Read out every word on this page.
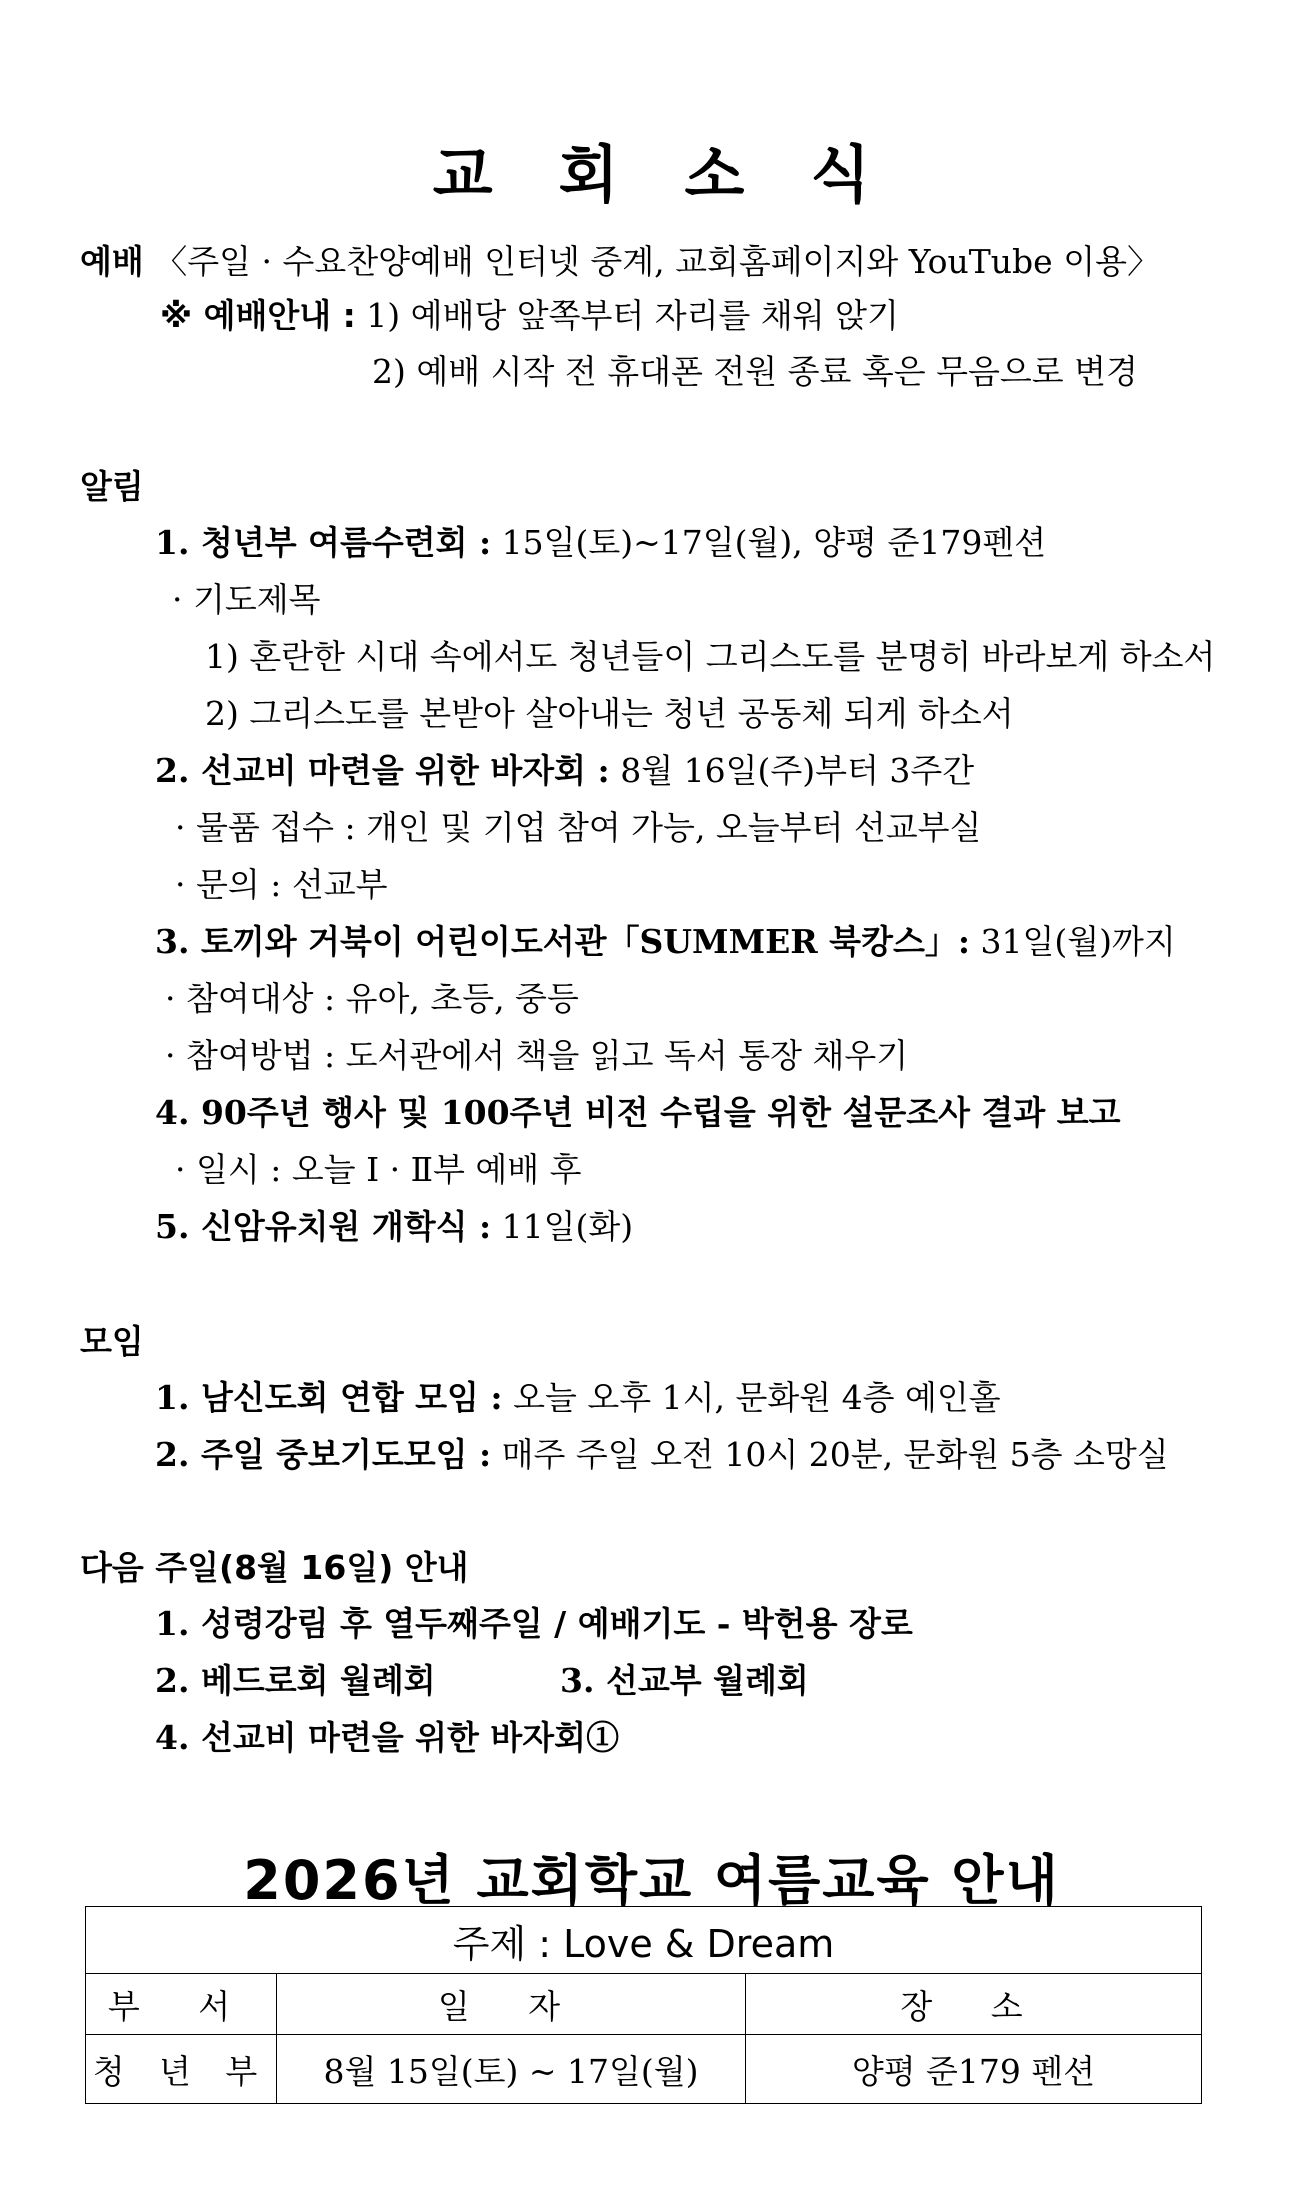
교회소식
예배 〈주일 · 수요찬양예배 인터넷 중계, 교회홈페이지와 YouTube 이용〉
※ 예배안내 : 1) 예배당 앞쪽부터 자리를 채워 앉기
2) 예배 시작 전 휴대폰 전원 종료 혹은 무음으로 변경
알림
1. 청년부 여름수련회 : 15일(토)~17일(월), 양평 준179펜션
· 기도제목
1) 혼란한 시대 속에서도 청년들이 그리스도를 분명히 바라보게 하소서
2) 그리스도를 본받아 살아내는 청년 공동체 되게 하소서
2. 선교비 마련을 위한 바자회 : 8월 16일(주)부터 3주간
· 물품 접수 : 개인 및 기업 참여 가능, 오늘부터 선교부실
· 문의 : 선교부
3. 토끼와 거북이 어린이도서관「SUMMER 북캉스」: 31일(월)까지
· 참여대상 : 유아, 초등, 중등
· 참여방법 : 도서관에서 책을 읽고 독서 통장 채우기
4. 90주년 행사 및 100주년 비전 수립을 위한 설문조사 결과 보고
· 일시 : 오늘 Ⅰ · Ⅱ부 예배 후
5. 신암유치원 개학식 : 11일(화)
모임
1. 남신도회 연합 모임 : 오늘 오후 1시, 문화원 4층 예인홀
2. 주일 중보기도모임 : 매주 주일 오전 10시 20분, 문화원 5층 소망실
다음 주일(8월 16일) 안내
1. 성령강림 후 열두째주일 / 예배기도 - 박헌용 장로
2. 베드로회 월례회	3. 선교부 월례회
4. 선교비 마련을 위한 바자회①
2026년 교회학교 여름교육 안내
주제 : Love & Dream		
부 서	일 자	장 소
청 년 부	8월 15일(토) ~ 17일(월)	양평 준179 펜션
